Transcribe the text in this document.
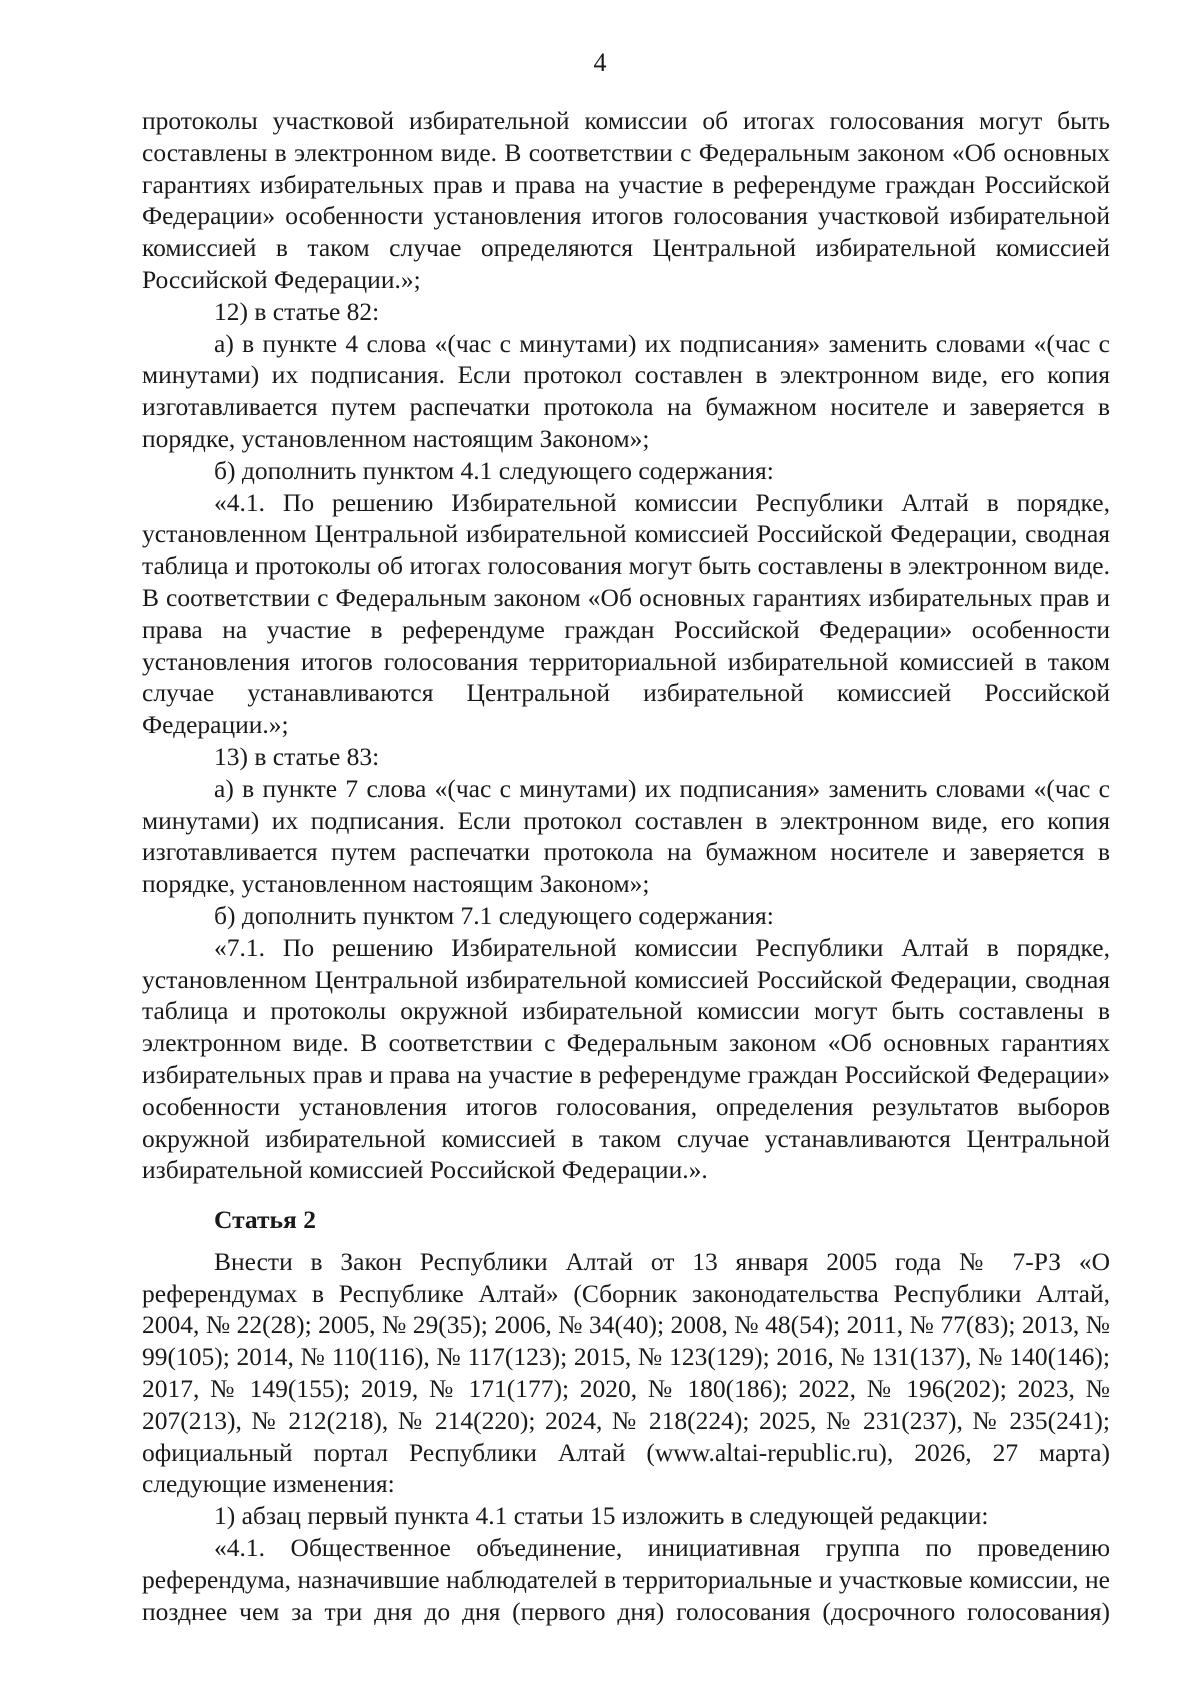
4

протоколы участковой избирательной комиссии об итогах голосования могут быть составлены в электронном виде. В соответствии с Федеральным законом «Об основных гарантиях избирательных прав и права на участие в референдуме граждан Российской Федерации» особенности установления итогов голосования участковой избирательной комиссией в таком случае определяются Центральной избирательной комиссией Российской Федерации.»;

12) в статье 82:

а) в пункте 4 слова «(час с минутами) их подписания» заменить словами «(час с минутами) их подписания. Если протокол составлен в электронном виде, его копия изготавливается путем распечатки протокола на бумажном носителе и заверяется в порядке, установленном настоящим Законом»;

б) дополнить пунктом 4.1 следующего содержания:

«4.1. По решению Избирательной комиссии Республики Алтай в порядке, установленном Центральной избирательной комиссией Российской Федерации, сводная таблица и протоколы об итогах голосования могут быть составлены в электронном виде. В соответствии с Федеральным законом «Об основных гарантиях избирательных прав и права на участие в референдуме граждан Российской Федерации» особенности установления итогов голосования территориальной избирательной комиссией в таком случае устанавливаются Центральной избирательной комиссией Российской Федерации.»;

13) в статье 83:

а) в пункте 7 слова «(час с минутами) их подписания» заменить словами «(час с минутами) их подписания. Если протокол составлен в электронном виде, его копия изготавливается путем распечатки протокола на бумажном носителе и заверяется в порядке, установленном настоящим Законом»;

б) дополнить пунктом 7.1 следующего содержания:

«7.1. По решению Избирательной комиссии Республики Алтай в порядке, установленном Центральной избирательной комиссией Российской Федерации, сводная таблица и протоколы окружной избирательной комиссии могут быть составлены в электронном виде. В соответствии с Федеральным законом «Об основных гарантиях избирательных прав и права на участие в референдуме граждан Российской Федерации» особенности установления итогов голосования, определения результатов выборов окружной избирательной комиссией в таком случае устанавливаются Центральной избирательной комиссией Российской Федерации.».

Статья 2

Внести в Закон Республики Алтай от 13 января 2005 года № 7-РЗ «О референдумах в Республике Алтай» (Сборник законодательства Республики Алтай, 2004, № 22(28); 2005, № 29(35); 2006, № 34(40); 2008, № 48(54); 2011, № 77(83); 2013, № 99(105); 2014, № 110(116), № 117(123); 2015, № 123(129); 2016, № 131(137), № 140(146); 2017, № 149(155); 2019, № 171(177); 2020, № 180(186); 2022, № 196(202); 2023, № 207(213), № 212(218), № 214(220); 2024, № 218(224); 2025, № 231(237), № 235(241); официальный портал Республики Алтай (www.altai-republic.ru), 2026, 27 марта) следующие изменения:

1) абзац первый пункта 4.1 статьи 15 изложить в следующей редакции:

«4.1. Общественное объединение, инициативная группа по проведению референдума, назначившие наблюдателей в территориальные и участковые комиссии, не позднее чем за три дня до дня (первого дня) голосования (досрочного голосования)
